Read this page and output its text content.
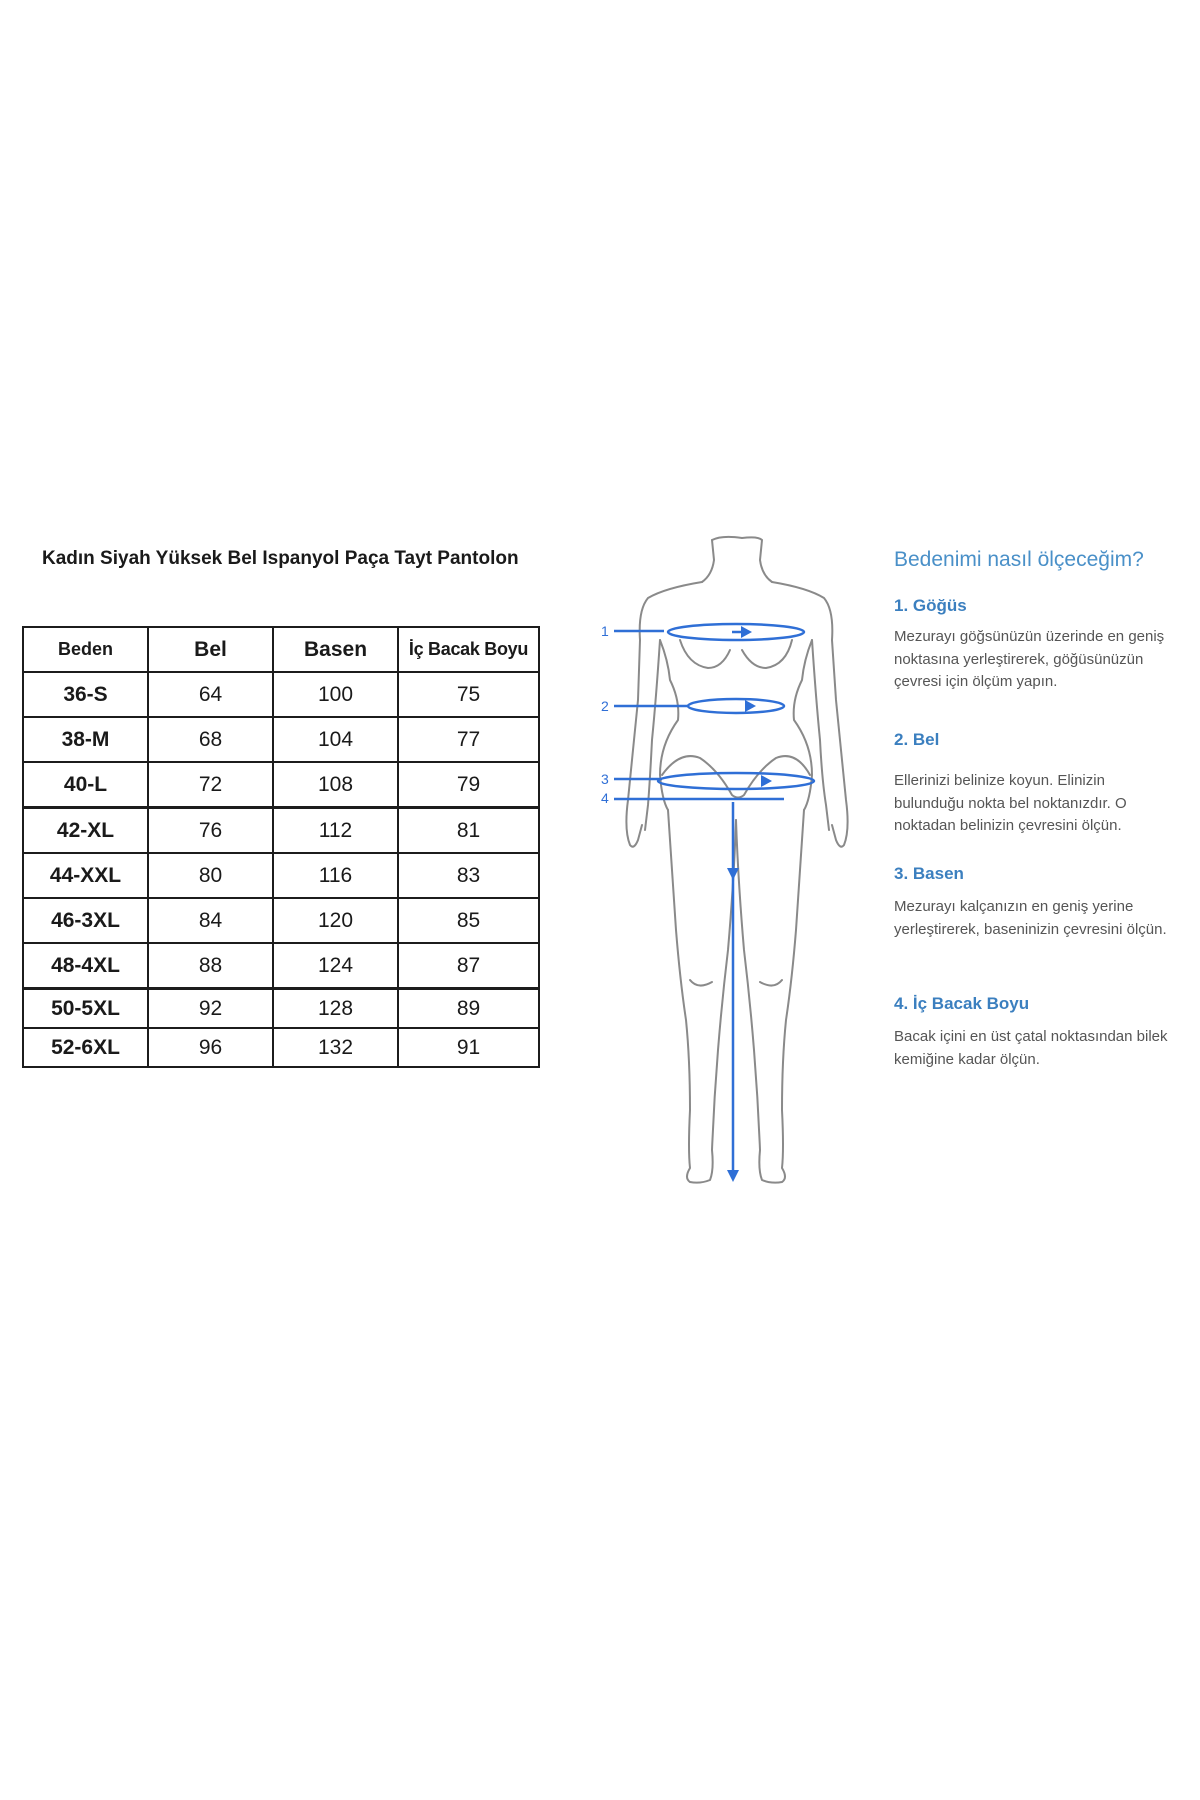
Kadın Siyah Yüksek Bel Ispanyol Paça Tayt Pantolon
Beden	Bel	Basen	İç Bacak Boyu
36-S	64	100	75
38-M	68	104	77
40-L	72	108	79
42-XL	76	112	81
44-XXL	80	116	83
46-3XL	84	120	85
48-4XL	88	124	87
50-5XL	92	128	89
52-6XL	96	132	91
1
2
3
4
Bedenimi nasıl ölçeceğim?
1. Göğüs
Mezurayı göğsünüzün üzerinde en geniş noktasına yerleştirerek, göğüsünüzün çevresi için ölçüm yapın.
2. Bel
Ellerinizi belinize koyun. Elinizin bulunduğu nokta bel noktanızdır. O noktadan belinizin çevresini ölçün.
3. Basen
Mezurayı kalçanızın en geniş yerine yerleştirerek, baseninizin çevresini ölçün.
4. İç Bacak Boyu
Bacak içini en üst çatal noktasından bilek kemiğine kadar ölçün.
